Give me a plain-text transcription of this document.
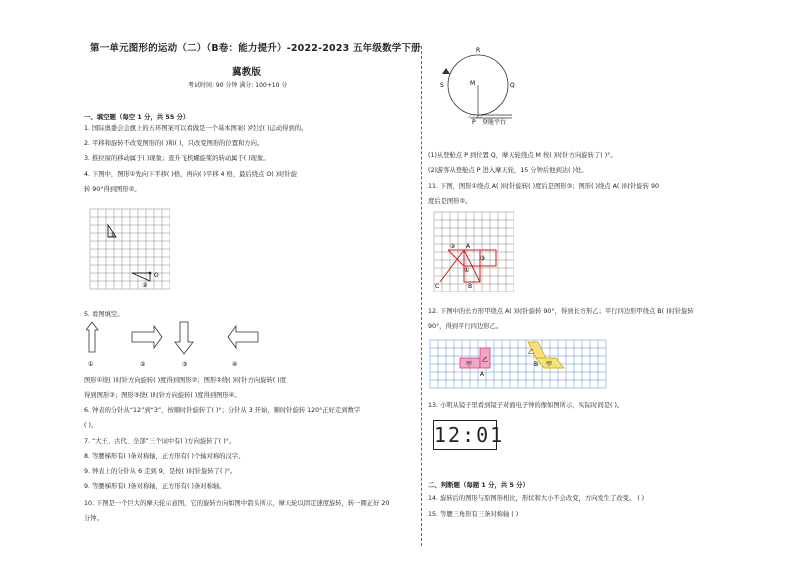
第一单元图形的运动（二）（B卷：能力提升）-2022-2023 五年级数学下册
冀教版
考试时间: 90 分钟 满分: 100+10 分
一、填空题（每空 1 分，共 55 分）
1. 国际奥委会会旗上的五环图案可以看做是一个基本图案( )经过( )运动得到的。
2. 平移和旋转不改变图形的( )和( )，只改变图形的位置和方向。
3. 推拉窗的移动属于( )现象；直升飞机螺旋桨的转动属于( )现象。
4. 下图中，图形①先向下平移( )格，再向( )平移 4 格，最后绕点 O( )时针旋
转 90°得到图形②。
①
②
O
5. 看图填空。
①	②	③	④
图形①绕( )时针方向旋转( )度得到图形②；图形②绕( )时针方向旋转( )度
得到图形③；图形③绕( )时针方向旋转( )度得到图形④。
6. 钟表的分针从“12”到“3”，按顺时针旋转了( )°；分针从 3 开始，顺时针旋转 120°正好走到数字
( )。
7. “大王、古代、全部”三个词中有( )方向旋转了( )°。
8. 等腰梯形有( )条对称轴，正方形有( )个轴对称的汉字。
9. 钟表上的分针从 6 走到 9，是按( )时针旋转了( )°。
9. 等腰梯形有( )条对称轴，正方形有( )条对称轴。
10. 下图是一个巨大的摩天轮示意图，它的旋转方向如图中箭头所示，摩天轮以固定速度旋转，转一圈正好 20
分钟。
R
Q
S	M
P 登舱平台
(1)从登舱点 P 到位置 Q，摩天轮绕点 M 按( )时针方向旋转了( )°。
(2)游客从登舱点 P 进入摩天轮，15 分钟后他到达( )处。
11. 下图，图形①绕点 A( )时针旋转( )度后是图形③；图形( )绕点 A( )时针旋转 90
度后是图形②。
② A
③
①
C	B
12. 下图中的长方形甲绕点 A( )时针旋转 90°，得到长方形乙；平行四边形甲绕点 B( )时针旋转
90°，得到平行四边形乙。
甲
乙
A
乙
甲
B
13. 小明从镜子里看到镜子对面电子钟的像如图所示，实际时间是( )。
12:01
二、判断题（每题 1 分，共 5 分）
14. 旋转后的图形与原图形相比，形状和大小不会改变，方向发生了改变。 ( )
15. 等腰三角形有三条对称轴 ( )
